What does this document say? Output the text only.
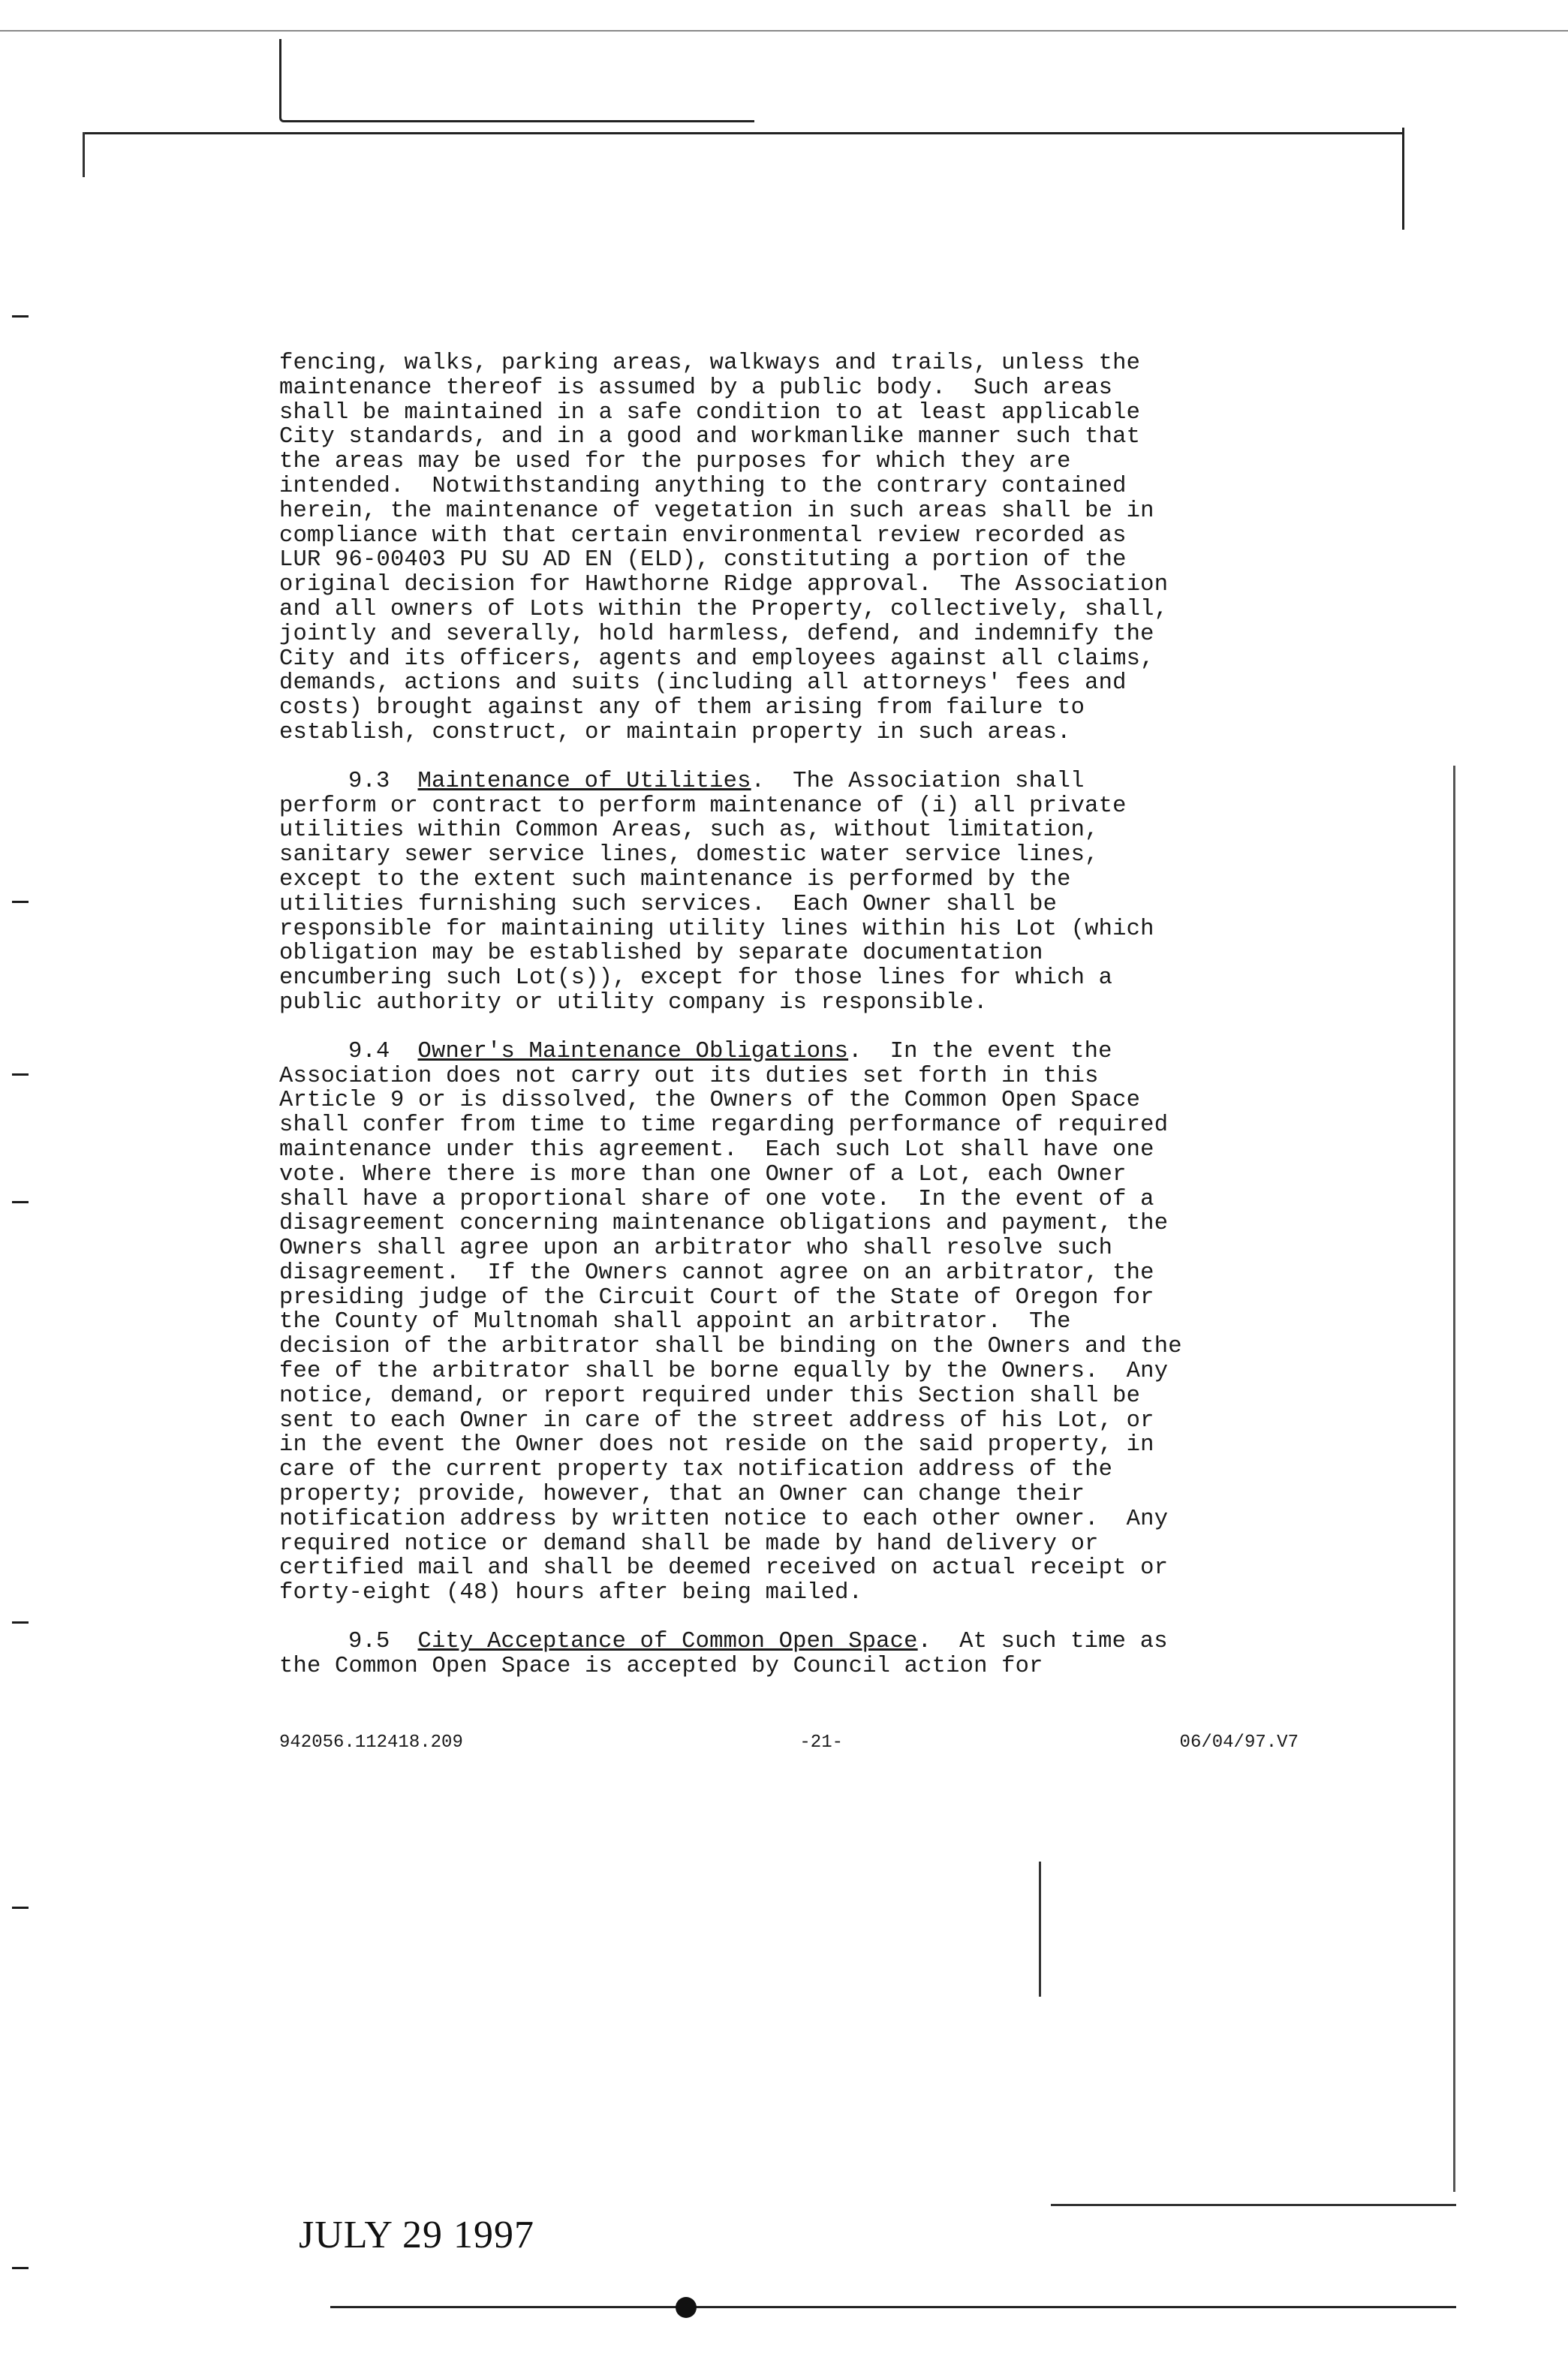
fencing, walks, parking areas, walkways and trails, unless the
maintenance thereof is assumed by a public body.  Such areas
shall be maintained in a safe condition to at least applicable
City standards, and in a good and workmanlike manner such that
the areas may be used for the purposes for which they are
intended.  Notwithstanding anything to the contrary contained
herein, the maintenance of vegetation in such areas shall be in
compliance with that certain environmental review recorded as
LUR 96-00403 PU SU AD EN (ELD), constituting a portion of the
original decision for Hawthorne Ridge approval.  The Association
and all owners of Lots within the Property, collectively, shall,
jointly and severally, hold harmless, defend, and indemnify the
City and its officers, agents and employees against all claims,
demands, actions and suits (including all attorneys' fees and
costs) brought against any of them arising from failure to
establish, construct, or maintain property in such areas.

9.3 Maintenance of Utilities.  The Association shall
perform or contract to perform maintenance of (i) all private
utilities within Common Areas, such as, without limitation,
sanitary sewer service lines, domestic water service lines,
except to the extent such maintenance is performed by the
utilities furnishing such services.  Each Owner shall be
responsible for maintaining utility lines within his Lot (which
obligation may be established by separate documentation
encumbering such Lot(s)), except for those lines for which a
public authority or utility company is responsible.

9.4 Owner's Maintenance Obligations.  In the event the
Association does not carry out its duties set forth in this
Article 9 or is dissolved, the Owners of the Common Open Space
shall confer from time to time regarding performance of required
maintenance under this agreement.  Each such Lot shall have one
vote. Where there is more than one Owner of a Lot, each Owner
shall have a proportional share of one vote.  In the event of a
disagreement concerning maintenance obligations and payment, the
Owners shall agree upon an arbitrator who shall resolve such
disagreement.  If the Owners cannot agree on an arbitrator, the
presiding judge of the Circuit Court of the State of Oregon for
the County of Multnomah shall appoint an arbitrator.  The
decision of the arbitrator shall be binding on the Owners and the
fee of the arbitrator shall be borne equally by the Owners.  Any
notice, demand, or report required under this Section shall be
sent to each Owner in care of the street address of his Lot, or
in the event the Owner does not reside on the said property, in
care of the current property tax notification address of the
property; provide, however, that an Owner can change their
notification address by written notice to each other owner.  Any
required notice or demand shall be made by hand delivery or
certified mail and shall be deemed received on actual receipt or
forty-eight (48) hours after being mailed.

9.5 City Acceptance of Common Open Space.  At such time as
the Common Open Space is accepted by Council action for

942056.112418.209	-21-	06/04/97.V7
JULY 29 1997
